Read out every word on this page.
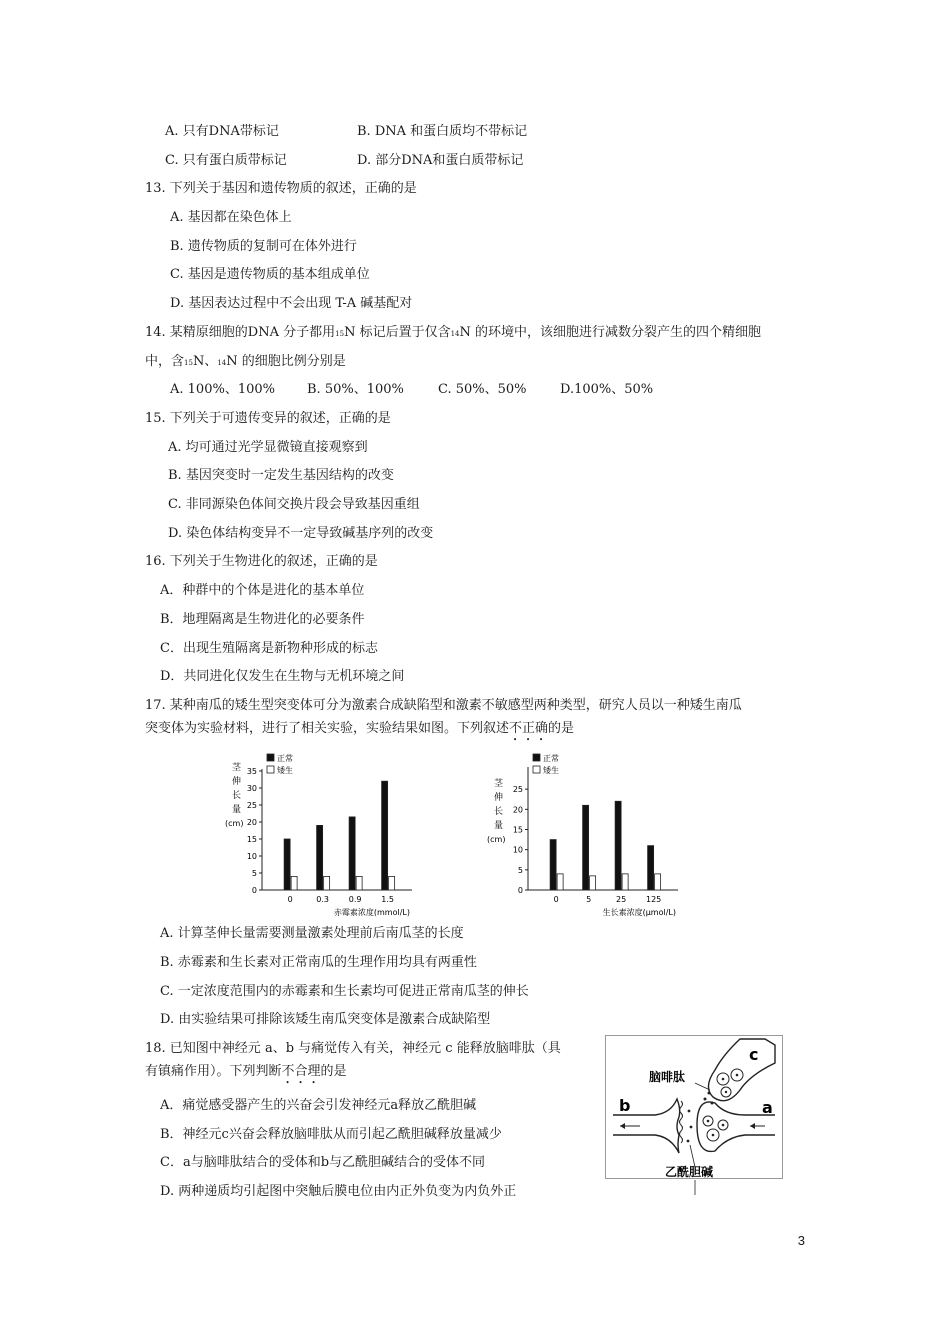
A. 只有DNA带标记	B. DNA 和蛋白质均不带标记
C. 只有蛋白质带标记	D. 部分DNA和蛋白质带标记
13. 下列关于基因和遗传物质的叙述，正确的是
A. 基因都在染色体上
B. 遗传物质的复制可在体外进行
C. 基因是遗传物质的基本组成单位
D. 基因表达过程中不会出现 T-A 碱基配对
14. 某精原细胞的DNA 分子都用15N 标记后置于仅含14N 的环境中，该细胞进行减数分裂产生的四个精细胞
中，含15N、14N 的细胞比例分别是
A. 100%、100% B. 50%、100%	C. 50%、50%	D.100%、50%
15. 下列关于可遗传变异的叙述，正确的是
A. 均可通过光学显微镜直接观察到
B. 基因突变时一定发生基因结构的改变
C. 非同源染色体间交换片段会导致基因重组
D. 染色体结构变异不一定导致碱基序列的改变
16. 下列关于生物进化的叙述，正确的是
A．种群中的个体是进化的基本单位
B．地理隔离是生物进化的必要条件
C．出现生殖隔离是新物种形成的标志
D．共同进化仅发生在生物与无机环境之间
17. 某种南瓜的矮生型突变体可分为激素合成缺陷型和激素不敏感型两种类型，研究人员以一种矮生南瓜
突变体为实验材料，进行了相关实验，实验结果如图。下列叙述不正确的是
茎
伸
长
量
(cm)
0
5
10
15
20
25
30
35
0	0.3 0.9 1.5
赤霉素浓度(mmol/L)
正常
矮生
茎
伸
长
量
(cm)
0
5
10
15
20
25
0	5	25 125
生长素浓度(μmol/L)
正常
矮生
A. 计算茎伸长量需要测量激素处理前后南瓜茎的长度
B. 赤霉素和生长素对正常南瓜的生理作用均具有两重性
C. 一定浓度范围内的赤霉素和生长素均可促进正常南瓜茎的伸长
D. 由实验结果可排除该矮生南瓜突变体是激素合成缺陷型
18. 已知图中神经元 a、b 与痛觉传入有关，神经元 c 能释放脑啡肽（具
有镇痛作用）。下列判断不合理的是
A．痛觉感受器产生的兴奋会引发神经元a释放乙酰胆碱
B．神经元c兴奋会释放脑啡肽从而引起乙酰胆碱释放量减少
C．a与脑啡肽结合的受体和b与乙酰胆碱结合的受体不同
D. 两种递质均引起图中突触后膜电位由内正外负变为内负外正
脑啡肽
c
a
b
乙酰胆碱
3
